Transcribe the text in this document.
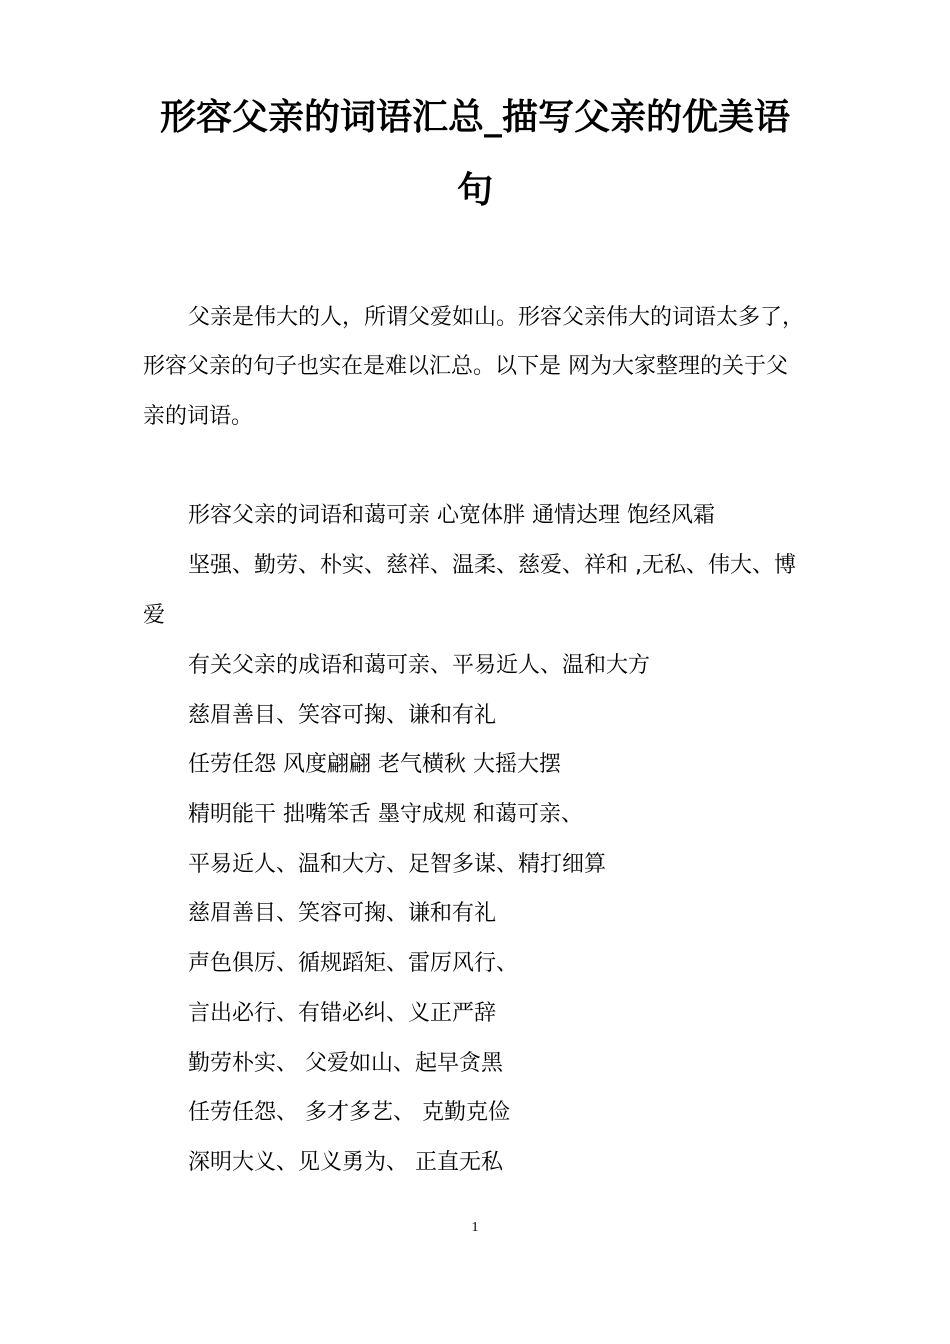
形容父亲的词语汇总_描写父亲的优美语
句

父亲是伟大的人，所谓父爱如山。形容父亲伟大的词语太多了，

形容父亲的句子也实在是难以汇总。以下是 网为大家整理的关于父

亲的词语。

形容父亲的词语和蔼可亲 心宽体胖 通情达理 饱经风霜

坚强、勤劳、朴实、慈祥、温柔、慈爱、祥和 ,无私、伟大、博

爱

有关父亲的成语和蔼可亲、平易近人、温和大方

慈眉善目、笑容可掬、谦和有礼

任劳任怨 风度翩翩 老气横秋 大摇大摆

精明能干 拙嘴笨舌 墨守成规 和蔼可亲、

平易近人、温和大方、足智多谋、精打细算

慈眉善目、笑容可掬、谦和有礼

声色俱厉、循规蹈矩、雷厉风行、

言出必行、有错必纠、义正严辞

勤劳朴实、 父爱如山、起早贪黑

任劳任怨、 多才多艺、 克勤克俭

深明大义、见义勇为、 正直无私

1
